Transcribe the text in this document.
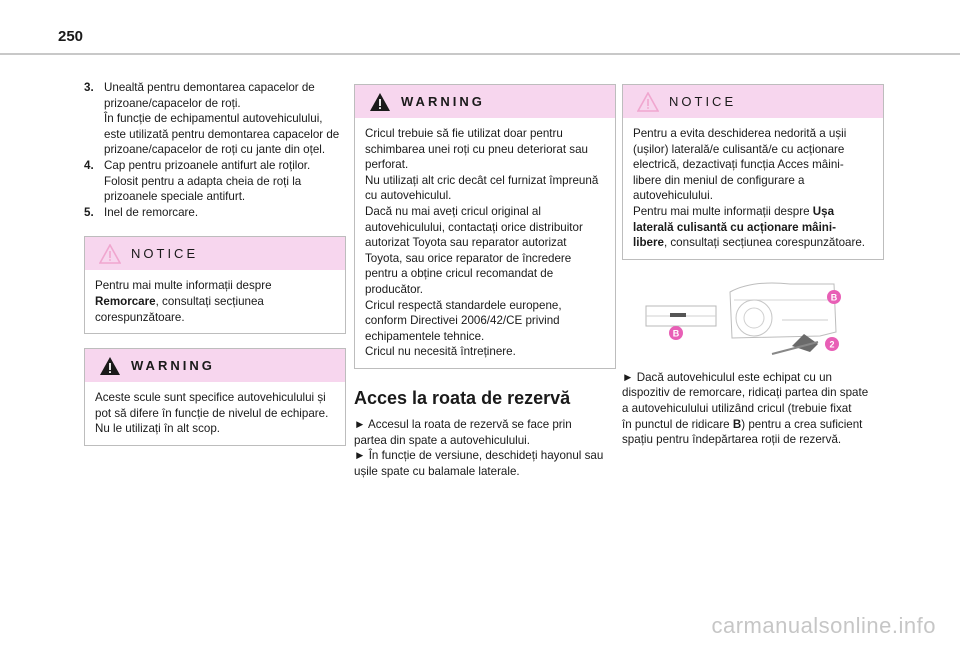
250
3. Unealtă pentru demontarea capacelor de
prizoane/capacelor de roți.
În funcție de echipamentul autovehiculului,
este utilizată pentru demontarea capacelor de
prizoane/capacelor de roți cu jante din oțel.
4. Cap pentru prizoanele antifurt ale roților.
Folosit pentru a adapta cheia de roți la
prizoanele speciale antifurt.
5. Inel de remorcare.
NOTICE
Pentru mai multe informații despre
Remorcare, consultați secțiunea
corespunzătoare.
WARNING
Aceste scule sunt specifice autovehiculului și
pot să difere în funcție de nivelul de echipare.
Nu le utilizați în alt scop.
WARNING
Cricul trebuie să fie utilizat doar pentru
schimbarea unei roți cu pneu deteriorat sau
perforat.
Nu utilizați alt cric decât cel furnizat împreună
cu autovehiculul.
Dacă nu mai aveți cricul original al
autovehiculului, contactați orice distribuitor
autorizat Toyota sau reparator autorizat
Toyota, sau orice reparator de încredere
pentru a obține cricul recomandat de
producător.
Cricul respectă standardele europene,
conform Directivei 2006/42/CE privind
echipamentele tehnice.
Cricul nu necesită întreținere.
Acces la roata de rezervă
► Accesul la roata de rezervă se face prin
partea din spate a autovehiculului.
► În funcție de versiune, deschideți hayonul sau
ușile spate cu balamale laterale.
NOTICE
Pentru a evita deschiderea nedorită a ușii
(ușilor) laterală/e culisantă/e cu acționare
electrică, dezactivați funcția Acces mâini-
libere din meniul de configurare a
autovehiculului.
Pentru mai multe informații despre Ușa
laterală culisantă cu acționare mâini-
libere, consultați secțiunea corespunzătoare.
B
B
2
► Dacă autovehiculul este echipat cu un
dispozitiv de remorcare, ridicați partea din spate
a autovehiculului utilizând cricul (trebuie fixat
în punctul de ridicare B) pentru a crea suficient
spațiu pentru îndepărtarea roții de rezervă.
carmanualsonline.info
